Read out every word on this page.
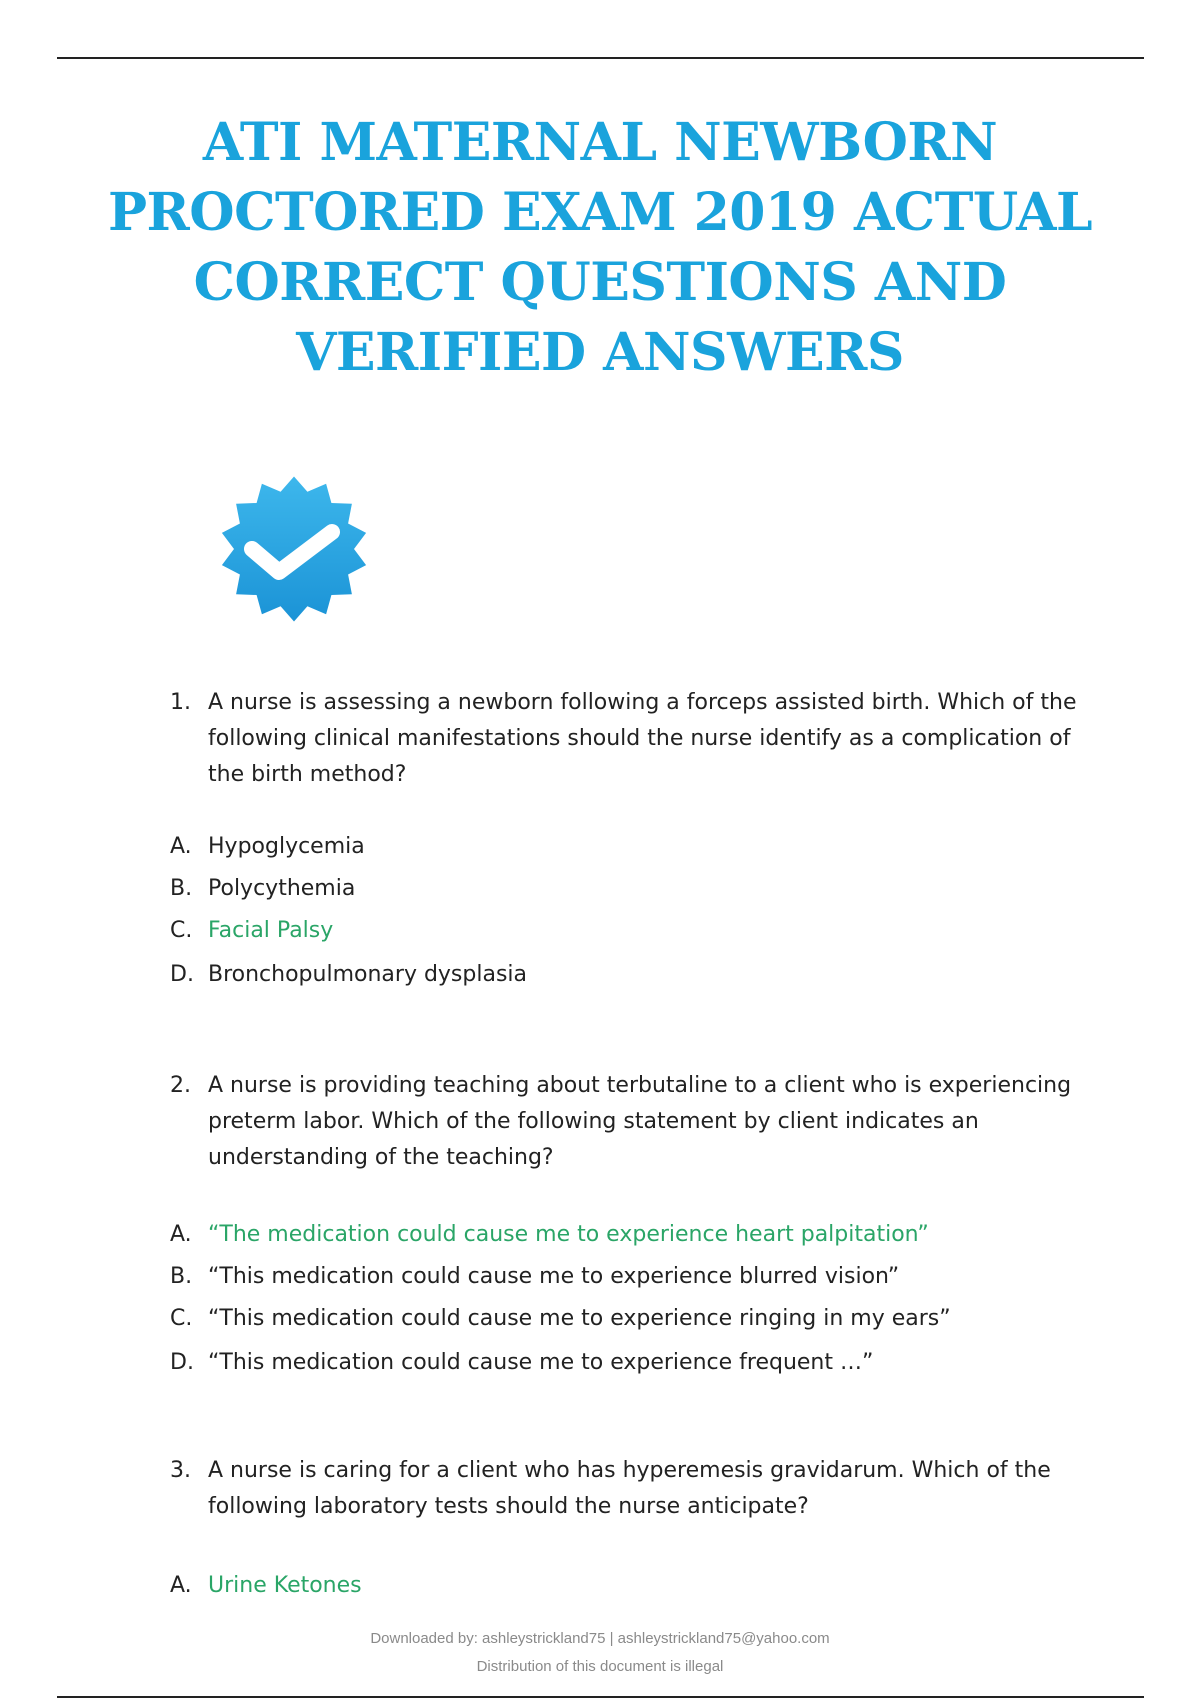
ATI MATERNAL NEWBORN
PROCTORED EXAM 2019 ACTUAL
CORRECT QUESTIONS AND
VERIFIED ANSWERS
1. A nurse is assessing a newborn following a forceps assisted birth. Which of the following clinical manifestations should the nurse identify as a complication of the birth method?
A. Hypoglycemia
B. Polycythemia
C. Facial Palsy
D. Bronchopulmonary dysplasia
2. A nurse is providing teaching about terbutaline to a client who is experiencing preterm labor. Which of the following statement by client indicates an understanding of the teaching?
A. “The medication could cause me to experience heart palpitation”
B. “This medication could cause me to experience blurred vision”
C. “This medication could cause me to experience ringing in my ears”
D. “This medication could cause me to experience frequent …”
3. A nurse is caring for a client who has hyperemesis gravidarum. Which of the following laboratory tests should the nurse anticipate?
A. Urine Ketones
Downloaded by: ashleystrickland75 | ashleystrickland75@yahoo.com
Distribution of this document is illegal
